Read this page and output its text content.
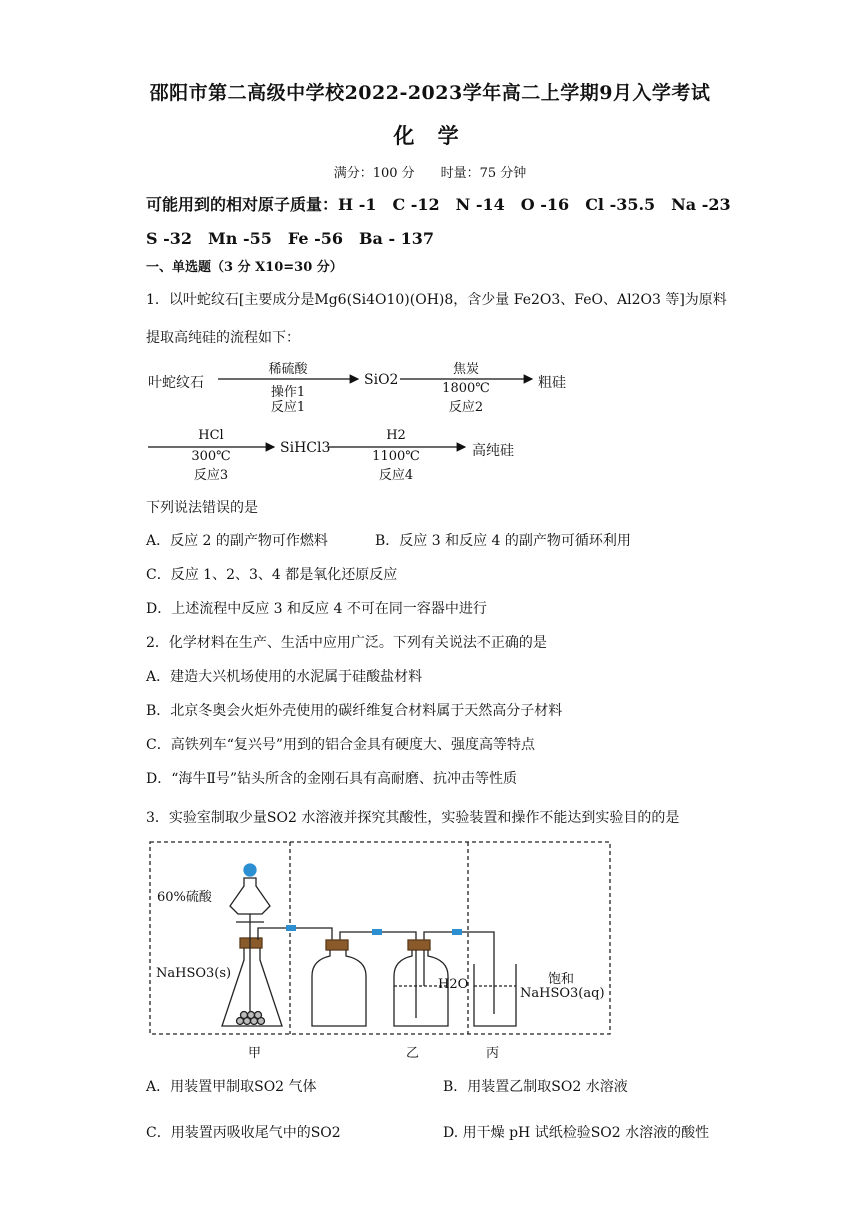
邵阳市第二高级中学校2022-2023学年高二上学期9月入学考试
化 学
满分：100 分　　时量：75 分钟
可能用到的相对原子质量：H -1　C -12　N -14　O -16　Cl -35.5　Na -23
S -32　Mn -55　Fe -56　Ba - 137
一、单选题（3 分 X10=30 分）
1．以叶蛇纹石[主要成分是Mg6(Si4O10)(OH)8，含少量 Fe2O3、FeO、Al2O3 等]为原料
提取高纯硅的流程如下：
叶蛇纹石
稀硫酸
操作1
反应1
SiO2
焦炭
1800℃
反应2
粗硅
HCl
300℃
反应3
SiHCl3
H2
1100℃
反应4
高纯硅
下列说法错误的是
A．反应 2 的副产物可作燃料	B．反应 3 和反应 4 的副产物可循环利用
C．反应 1、2、3、4 都是氧化还原反应
D．上述流程中反应 3 和反应 4 不可在同一容器中进行
2．化学材料在生产、生活中应用广泛。下列有关说法不正确的是
A．建造大兴机场使用的水泥属于硅酸盐材料
B．北京冬奥会火炬外壳使用的碳纤维复合材料属于天然高分子材料
C．高铁列车“复兴号”用到的铝合金具有硬度大、强度高等特点
D．“海牛Ⅱ号”钻头所含的金刚石具有高耐磨、抗冲击等性质
3．实验室制取少量SO2 水溶液并探究其酸性，实验装置和操作不能达到实验目的的是
60%硫酸
NaHSO3(s)
H2O	饱和
NaHSO3(aq)
甲	乙	丙
A．用装置甲制取SO2 气体	B．用装置乙制取SO2 水溶液
C．用装置丙吸收尾气中的SO2	D. 用干燥 pH 试纸检验SO2 水溶液的酸性
